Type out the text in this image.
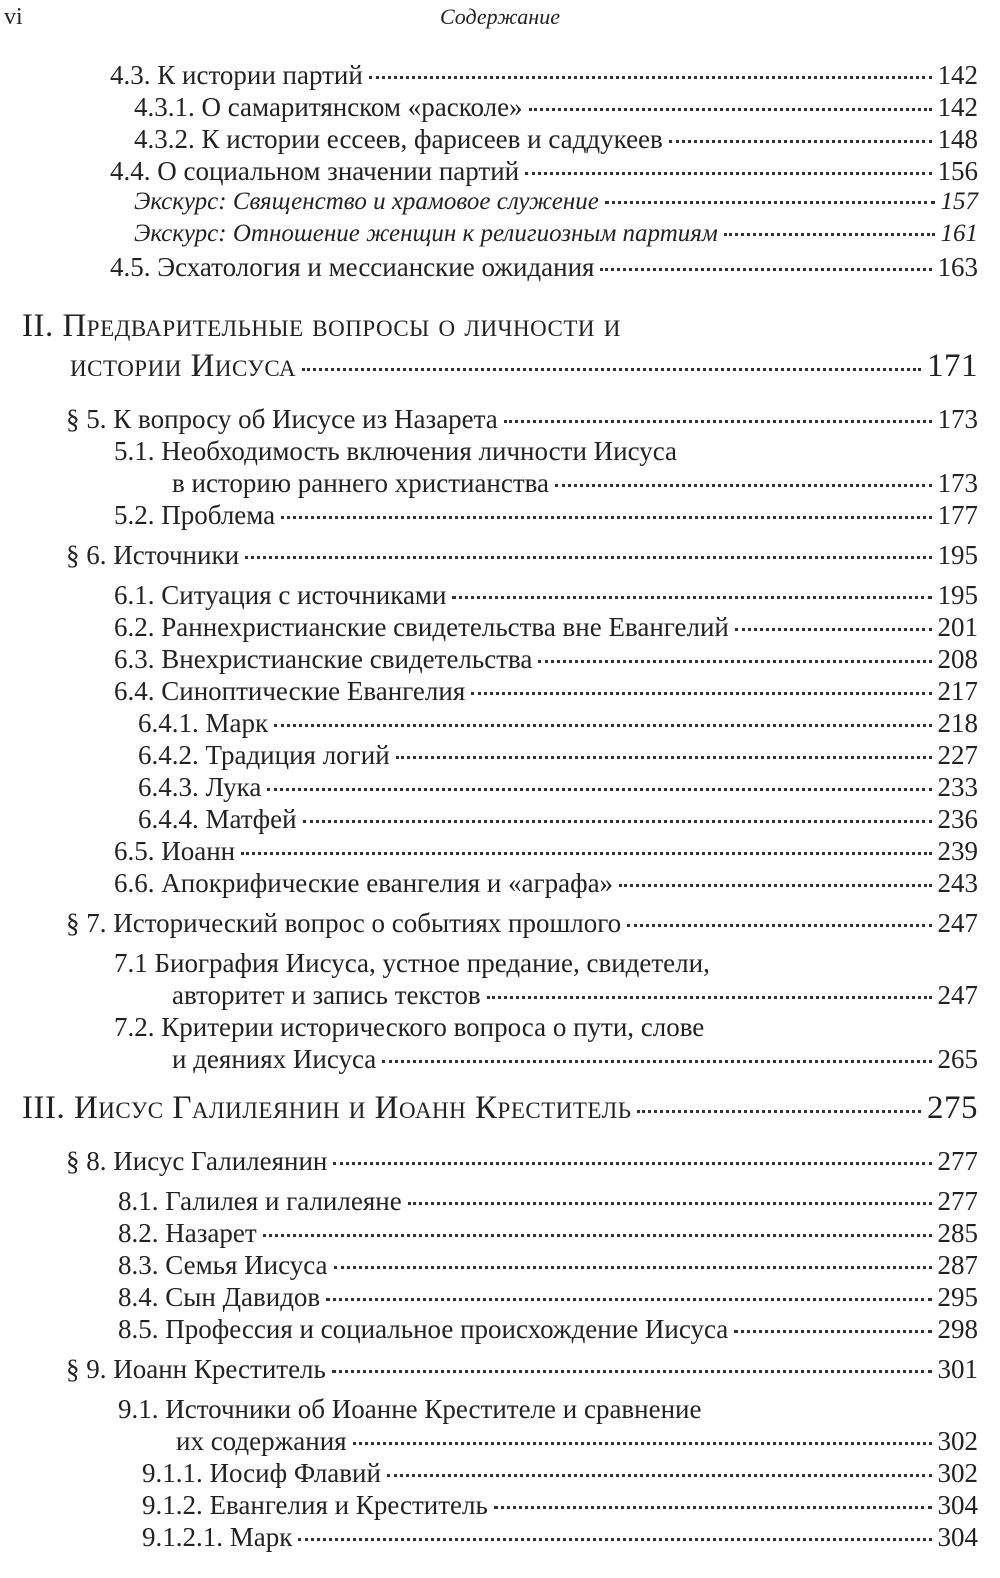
vi	Содержание
4.3. К истории партий	142
4.3.1. О самаритянском «расколе»	142
4.3.2. К истории ессеев, фарисеев и саддукеев	148
4.4. О социальном значении партий	156
Экскурс: Священство и храмовое служение	157
Экскурс: Отношение женщин к религиозным партиям	161
4.5. Эсхатология и мессианские ожидания	163
II. Предварительные вопросы о личности и
истории Иисуса	171
§ 5. К вопросу об Иисусе из Назарета	173
5.1. Необходимость включения личности Иисуса
в историю раннего христианства	173
5.2. Проблема	177
§ 6. Источники	195
6.1. Ситуация с источниками	195
6.2. Раннехристианские свидетельства вне Евангелий	201
6.3. Внехристианские свидетельства	208
6.4. Синоптические Евангелия	217
6.4.1. Марк	218
6.4.2. Традиция логий	227
6.4.3. Лука	233
6.4.4. Матфей	236
6.5. Иоанн	239
6.6. Апокрифические евангелия и «аграфа»	243
§ 7. Исторический вопрос о событиях прошлого	247
7.1 Биография Иисуса, устное предание, свидетели,
авторитет и запись текстов	247
7.2. Критерии исторического вопроса о пути, слове
и деяниях Иисуса	265
III. Иисус Галилеянин и Иоанн Креститель	275
§ 8. Иисус Галилеянин	277
8.1. Галилея и галилеяне	277
8.2. Назарет	285
8.3. Семья Иисуса	287
8.4. Сын Давидов	295
8.5. Профессия и социальное происхождение Иисуса	298
§ 9. Иоанн Креститель	301
9.1. Источники об Иоанне Крестителе и сравнение
их содержания	302
9.1.1. Иосиф Флавий	302
9.1.2. Евангелия и Креститель	304
9.1.2.1. Марк	304
